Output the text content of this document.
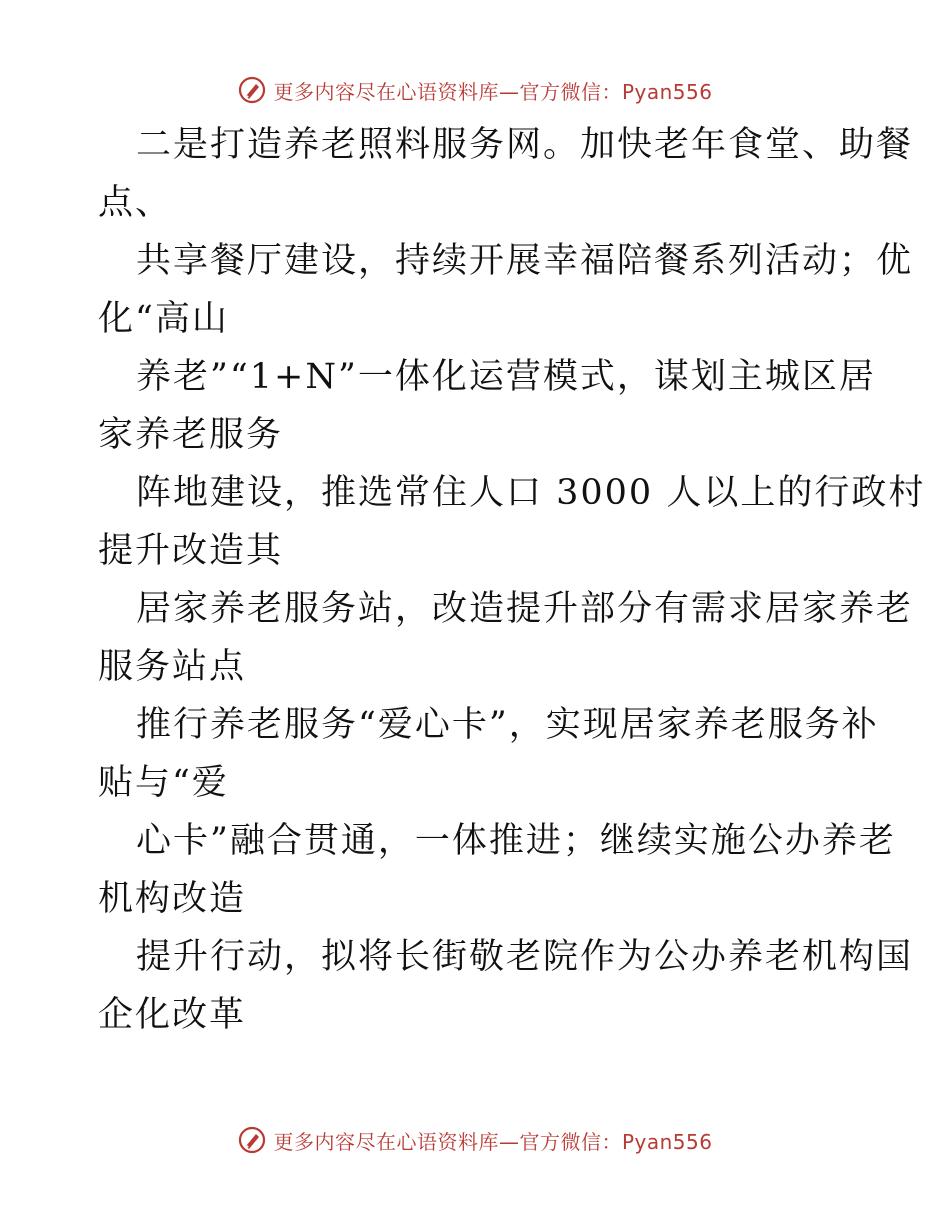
更多内容尽在心语资料库—官方微信：Pyan556
二是打造养老照料服务网。加快老年食堂、助餐
点、
共享餐厅建设，持续开展幸福陪餐系列活动；优
化“高山
养老”“1+N”一体化运营模式，谋划主城区居
家养老服务
阵地建设，推选常住人口 3000 人以上的行政村
提升改造其
居家养老服务站，改造提升部分有需求居家养老
服务站点
推行养老服务“爱心卡”，实现居家养老服务补
贴与“爱
心卡”融合贯通，一体推进；继续实施公办养老
机构改造
提升行动，拟将长街敬老院作为公办养老机构国
企化改革
更多内容尽在心语资料库—官方微信：Pyan556
